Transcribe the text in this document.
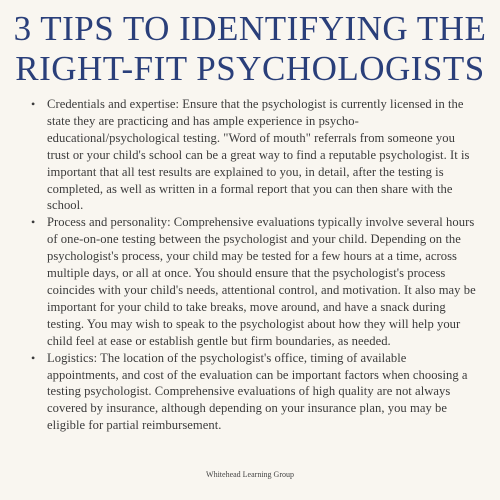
3 TIPS TO IDENTIFYING THE
RIGHT-FIT PSYCHOLOGISTS
• Credentials and expertise: Ensure that the psychologist is currently licensed in the state they are practicing and has ample experience in psycho-educational/psychological testing. "Word of mouth" referrals from someone you trust or your child's school can be a great way to find a reputable psychologist. It is important that all test results are explained to you, in detail, after the testing is completed, as well as written in a formal report that you can then share with the school.
• Process and personality: Comprehensive evaluations typically involve several hours of one-on-one testing between the psychologist and your child. Depending on the psychologist's process, your child may be tested for a few hours at a time, across multiple days, or all at once. You should ensure that the psychologist's process coincides with your child's needs, attentional control, and motivation. It also may be important for your child to take breaks, move around, and have a snack during testing. You may wish to speak to the psychologist about how they will help your child feel at ease or establish gentle but firm boundaries, as needed.
• Logistics: The location of the psychologist's office, timing of available appointments, and cost of the evaluation can be important factors when choosing a testing psychologist. Comprehensive evaluations of high quality are not always covered by insurance, although depending on your insurance plan, you may be eligible for partial reimbursement.
Whitehead Learning Group
